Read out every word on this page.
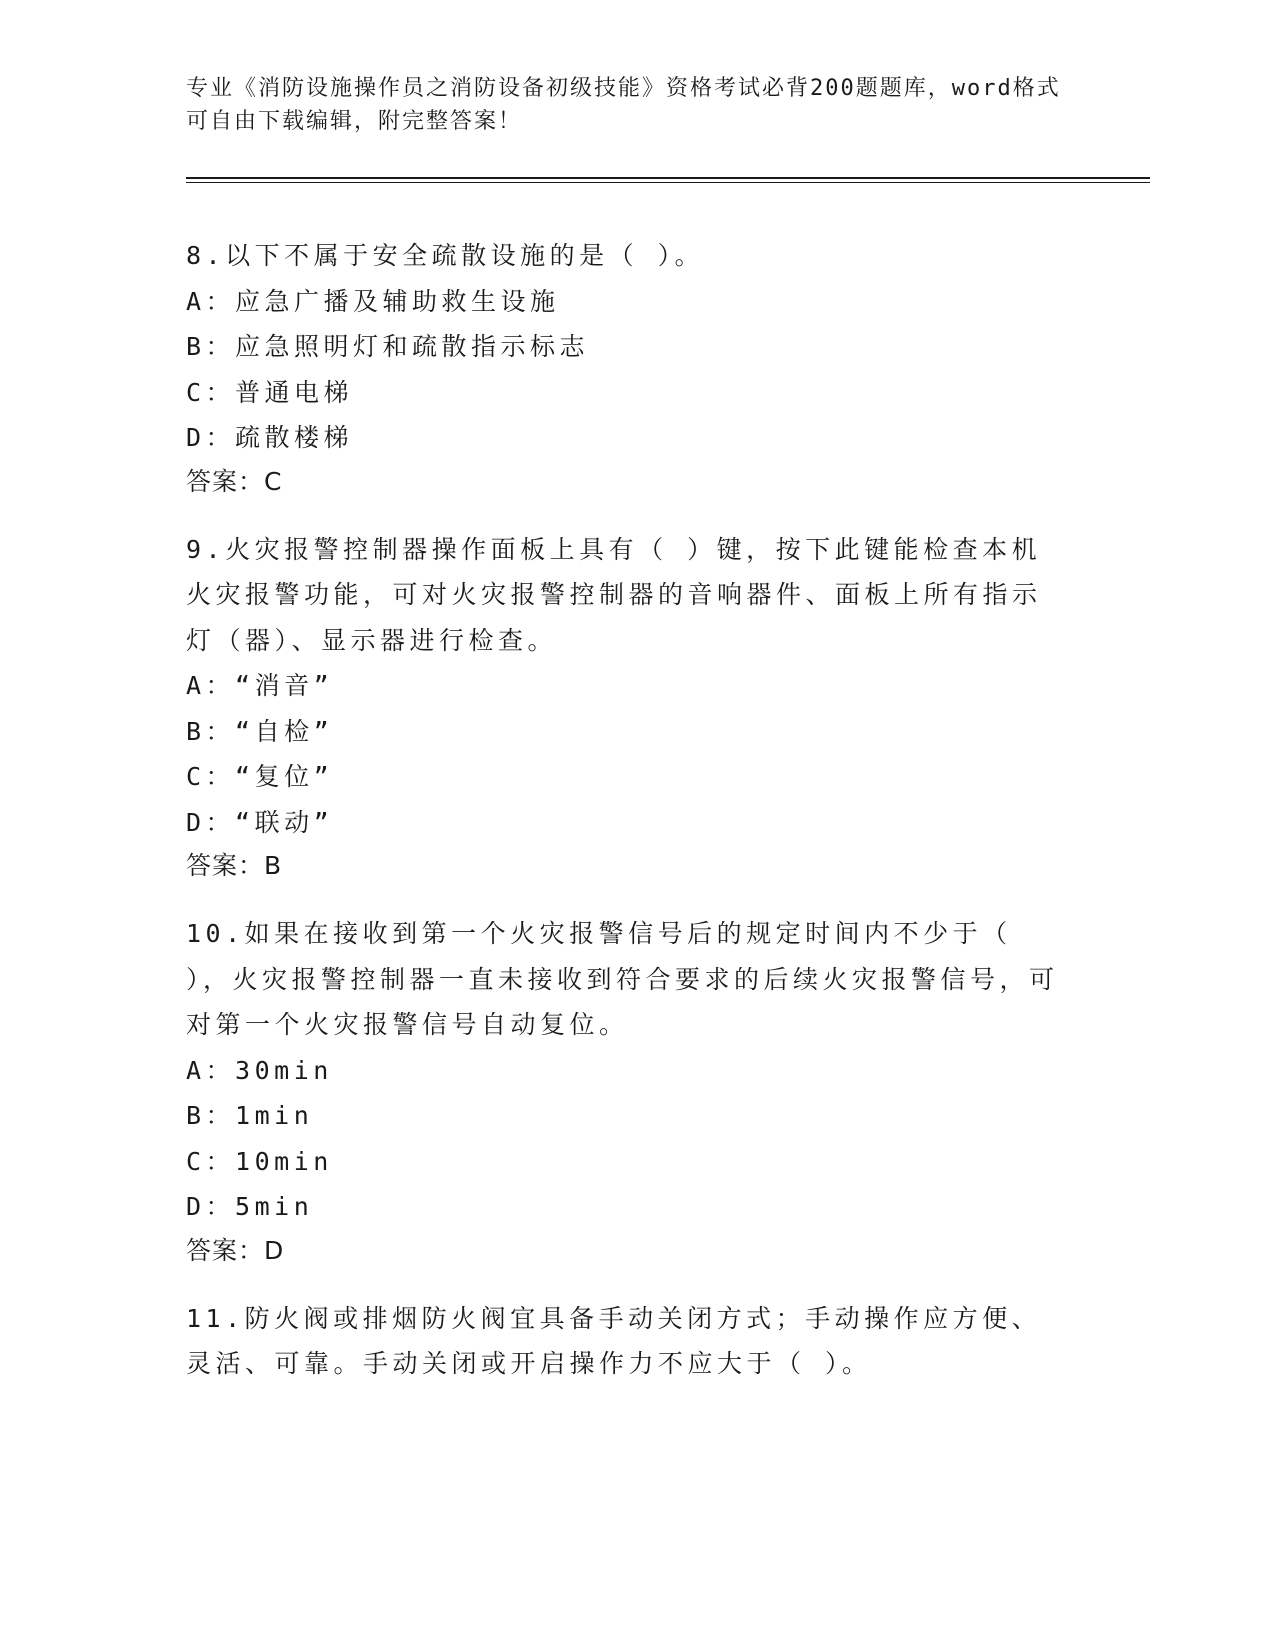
专业《消防设施操作员之消防设备初级技能》资格考试必背200题题库，word格式可自由下载编辑，附完整答案！
8.以下不属于安全疏散设施的是（ ）。
A：应急广播及辅助救生设施
B：应急照明灯和疏散指示标志
C：普通电梯
D：疏散楼梯
答案：C
9.火灾报警控制器操作面板上具有（ ）键，按下此键能检查本机火灾报警功能，可对火灾报警控制器的音响器件、面板上所有指示灯（器）、显示器进行检查。
A：“消音”
B：“自检”
C：“复位”
D：“联动”
答案：B
10.如果在接收到第一个火灾报警信号后的规定时间内不少于（ ），火灾报警控制器一直未接收到符合要求的后续火灾报警信号，可对第一个火灾报警信号自动复位。
A：30min
B：1min
C：10min
D：5min
答案：D
11.防火阀或排烟防火阀宜具备手动关闭方式；手动操作应方便、灵活、可靠。手动关闭或开启操作力不应大于（ ）。
